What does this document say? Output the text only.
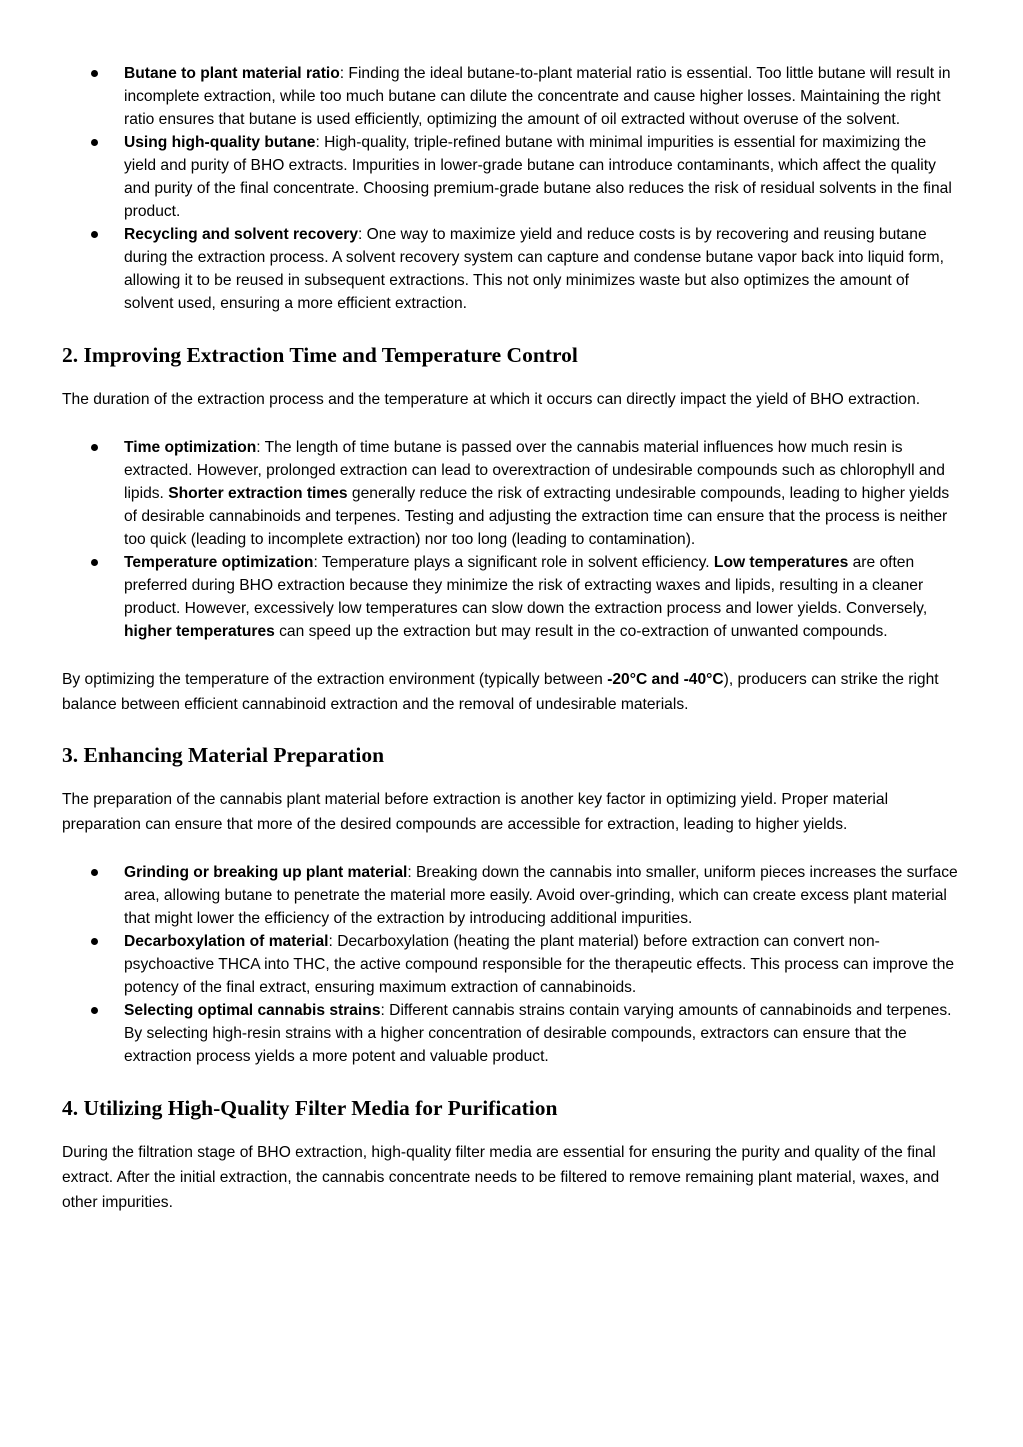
Butane to plant material ratio: Finding the ideal butane-to-plant material ratio is essential. Too little butane will result in incomplete extraction, while too much butane can dilute the concentrate and cause higher losses. Maintaining the right ratio ensures that butane is used efficiently, optimizing the amount of oil extracted without overuse of the solvent.
Using high-quality butane: High-quality, triple-refined butane with minimal impurities is essential for maximizing the yield and purity of BHO extracts. Impurities in lower-grade butane can introduce contaminants, which affect the quality and purity of the final concentrate. Choosing premium-grade butane also reduces the risk of residual solvents in the final product.
Recycling and solvent recovery: One way to maximize yield and reduce costs is by recovering and reusing butane during the extraction process. A solvent recovery system can capture and condense butane vapor back into liquid form, allowing it to be reused in subsequent extractions. This not only minimizes waste but also optimizes the amount of solvent used, ensuring a more efficient extraction.
2. Improving Extraction Time and Temperature Control

The duration of the extraction process and the temperature at which it occurs can directly impact the yield of BHO extraction.

Time optimization: The length of time butane is passed over the cannabis material influences how much resin is extracted. However, prolonged extraction can lead to overextraction of undesirable compounds such as chlorophyll and lipids. Shorter extraction times generally reduce the risk of extracting undesirable compounds, leading to higher yields of desirable cannabinoids and terpenes. Testing and adjusting the extraction time can ensure that the process is neither too quick (leading to incomplete extraction) nor too long (leading to contamination).
Temperature optimization: Temperature plays a significant role in solvent efficiency. Low temperatures are often preferred during BHO extraction because they minimize the risk of extracting waxes and lipids, resulting in a cleaner product. However, excessively low temperatures can slow down the extraction process and lower yields. Conversely, higher temperatures can speed up the extraction but may result in the co-extraction of unwanted compounds.

By optimizing the temperature of the extraction environment (typically between -20°C and -40°C), producers can strike the right balance between efficient cannabinoid extraction and the removal of undesirable materials.

3. Enhancing Material Preparation

The preparation of the cannabis plant material before extraction is another key factor in optimizing yield. Proper material preparation can ensure that more of the desired compounds are accessible for extraction, leading to higher yields.

Grinding or breaking up plant material: Breaking down the cannabis into smaller, uniform pieces increases the surface area, allowing butane to penetrate the material more easily. Avoid over-grinding, which can create excess plant material that might lower the efficiency of the extraction by introducing additional impurities.
Decarboxylation of material: Decarboxylation (heating the plant material) before extraction can convert non-psychoactive THCA into THC, the active compound responsible for the therapeutic effects. This process can improve the potency of the final extract, ensuring maximum extraction of cannabinoids.
Selecting optimal cannabis strains: Different cannabis strains contain varying amounts of cannabinoids and terpenes. By selecting high-resin strains with a higher concentration of desirable compounds, extractors can ensure that the extraction process yields a more potent and valuable product.
4. Utilizing High-Quality Filter Media for Purification

During the filtration stage of BHO extraction, high-quality filter media are essential for ensuring the purity and quality of the final extract. After the initial extraction, the cannabis concentrate needs to be filtered to remove remaining plant material, waxes, and other impurities.
